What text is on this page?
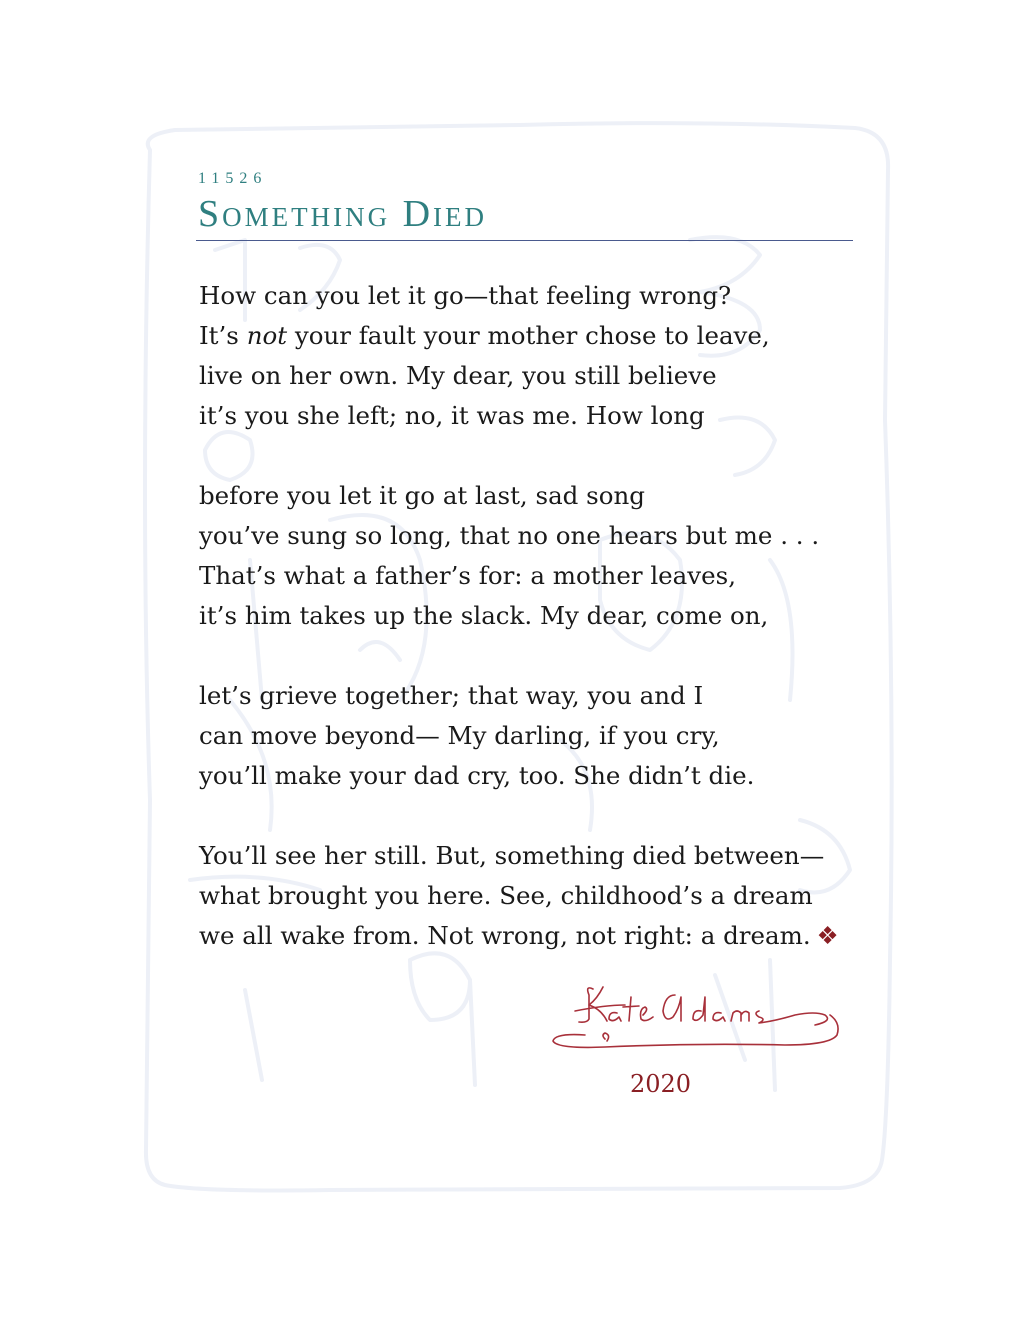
11526
Something Died
How can you let it go—that feeling wrong?
It’s not your fault your mother chose to leave,
live on her own. My dear, you still believe
it’s you she left; no, it was me. How long
before you let it go at last, sad song
you’ve sung so long, that no one hears but me . . .
That’s what a father’s for: a mother leaves,
it’s him takes up the slack. My dear, come on,
let’s grieve together; that way, you and I
can move beyond— My darling, if you cry,
you’ll make your dad cry, too. She didn’t die.
You’ll see her still. But, something died between—
what brought you here. See, childhood’s a dream
we all wake from. Not wrong, not right: a dream. ❖
2020
